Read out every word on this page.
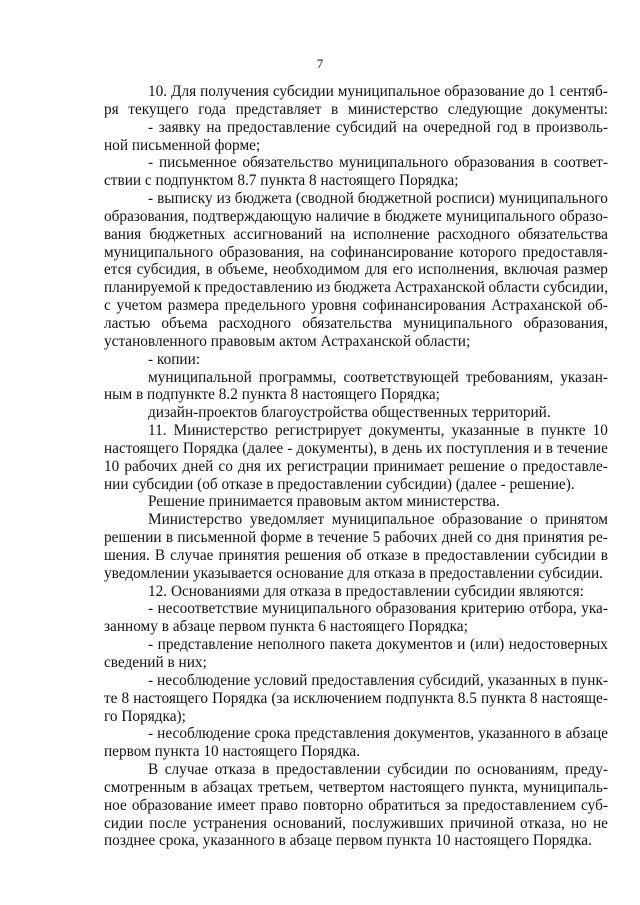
7
10. Для получения субсидии муниципальное образование до 1 сентяб-
ря текущего года представляет в министерство следующие документы:
- заявку на предоставление субсидий на очередной год в произволь-
ной письменной форме;
- письменное обязательство муниципального образования в соответ-
ствии с подпунктом 8.7 пункта 8 настоящего Порядка;
- выписку из бюджета (сводной бюджетной росписи) муниципального
образования, подтверждающую наличие в бюджете муниципального образо-
вания бюджетных ассигнований на исполнение расходного обязательства
муниципального образования, на софинансирование которого предоставля-
ется субсидия, в объеме, необходимом для его исполнения, включая размер
планируемой к предоставлению из бюджета Астраханской области субсидии,
с учетом размера предельного уровня софинансирования Астраханской об-
ластью объема расходного обязательства муниципального образования,
установленного правовым актом Астраханской области;
- копии:
муниципальной программы, соответствующей требованиям, указан-
ным в подпункте 8.2 пункта 8 настоящего Порядка;
дизайн-проектов благоустройства общественных территорий.
11. Министерство регистрирует документы, указанные в пункте 10
настоящего Порядка (далее - документы), в день их поступления и в течение
10 рабочих дней со дня их регистрации принимает решение о предоставле-
нии субсидии (об отказе в предоставлении субсидии) (далее - решение).
Решение принимается правовым актом министерства.
Министерство уведомляет муниципальное образование о принятом
решении в письменной форме в течение 5 рабочих дней со дня принятия ре-
шения. В случае принятия решения об отказе в предоставлении субсидии в
уведомлении указывается основание для отказа в предоставлении субсидии.
12. Основаниями для отказа в предоставлении субсидии являются:
- несоответствие муниципального образования критерию отбора, ука-
занному в абзаце первом пункта 6 настоящего Порядка;
- представление неполного пакета документов и (или) недостоверных
сведений в них;
- несоблюдение условий предоставления субсидий, указанных в пунк-
те 8 настоящего Порядка (за исключением подпункта 8.5 пункта 8 настояще-
го Порядка);
- несоблюдение срока представления документов, указанного в абзаце
первом пункта 10 настоящего Порядка.
В случае отказа в предоставлении субсидии по основаниям, преду-
смотренным в абзацах третьем, четвертом настоящего пункта, муниципаль-
ное образование имеет право повторно обратиться за предоставлением суб-
сидии после устранения оснований, послуживших причиной отказа, но не
позднее срока, указанного в абзаце первом пункта 10 настоящего Порядка.
